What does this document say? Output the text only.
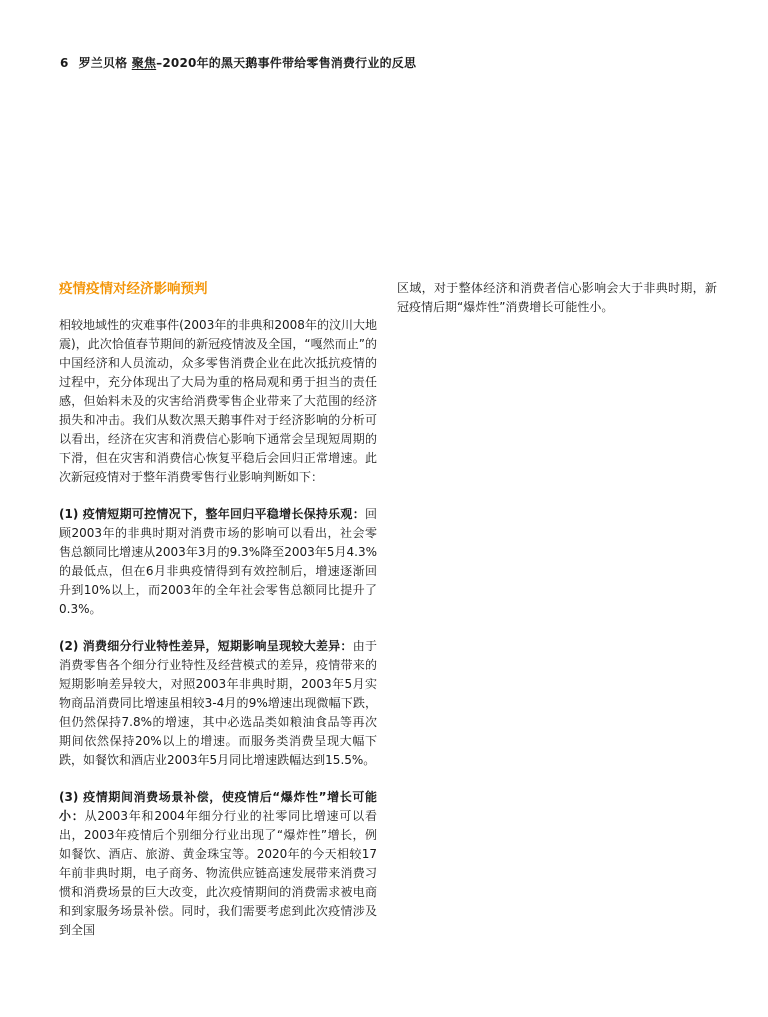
6 罗兰贝格 聚焦–2020年的黑天鹅事件带给零售消费行业的反思
疫情疫情对经济影响预判

相较地域性的灾难事件(2003年的非典和2008年的汶川大地震)，此次恰值春节期间的新冠疫情波及全国，“嘎然而止”的中国经济和人员流动，众多零售消费企业在此次抵抗疫情的过程中，充分体现出了大局为重的格局观和勇于担当的责任感，但始料未及的灾害给消费零售企业带来了大范围的经济损失和冲击。我们从数次黑天鹅事件对于经济影响的分析可以看出，经济在灾害和消费信心影响下通常会呈现短周期的下滑，但在灾害和消费信心恢复平稳后会回归正常增速。此次新冠疫情对于整年消费零售行业影响判断如下：

(1) 疫情短期可控情况下，整年回归平稳增长保持乐观：回顾2003年的非典时期对消费市场的影响可以看出，社会零售总额同比增速从2003年3月的9.3%降至2003年5月4.3%的最低点，但在6月非典疫情得到有效控制后，增速逐渐回升到10%以上，而2003年的全年社会零售总额同比提升了0.3%。

(2) 消费细分行业特性差异，短期影响呈现较大差异：由于消费零售各个细分行业特性及经营模式的差异，疫情带来的短期影响差异较大，对照2003年非典时期，2003年5月实物商品消费同比增速虽相较3-4月的9%增速出现微幅下跌，但仍然保持7.8%的增速，其中必选品类如粮油食品等再次期间依然保持20%以上的增速。而服务类消费呈现大幅下跌，如餐饮和酒店业2003年5月同比增速跌幅达到15.5%。

(3) 疫情期间消费场景补偿，使疫情后“爆炸性”增长可能小：从2003年和2004年细分行业的社零同比增速可以看出，2003年疫情后个别细分行业出现了“爆炸性”增长，例如餐饮、酒店、旅游、黄金珠宝等。2020年的今天相较17年前非典时期，电子商务、物流供应链高速发展带来消费习惯和消费场景的巨大改变，此次疫情期间的消费需求被电商和到家服务场景补偿。同时，我们需要考虑到此次疫情涉及到全国

区域，对于整体经济和消费者信心影响会大于非典时期，新冠疫情后期“爆炸性”消费增长可能性小。
